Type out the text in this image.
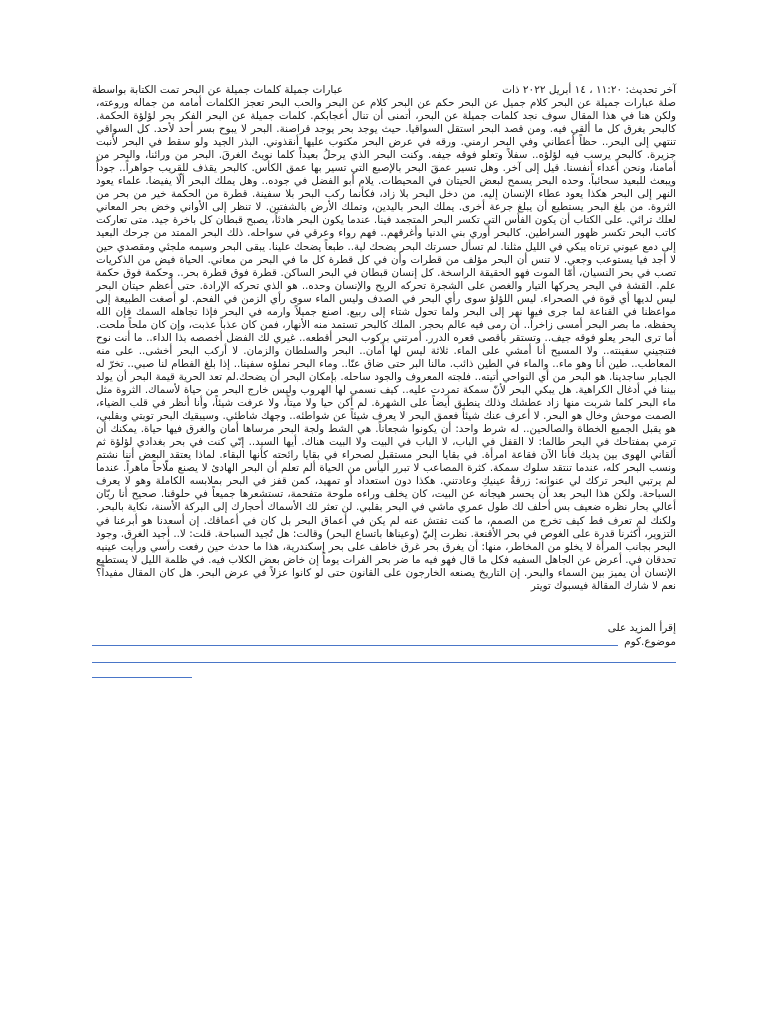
آخر تحديث: ١١:٢٠ ، ١٤ أبريل ٢٠٢٢ ذات
عبارات جميلة كلمات جميلة عن البحر تمت الكتابة بواسطة

صلة عبارات جميلة عن البحر كلام جميل عن البحر حكم عن البحر كلام عن البحر والحب البحر تعجز الكلمات أمامه من جماله وروعته، ولكن هنا في هذا المقال سوف نجد كلمات جميلة عن البحر، أتمنى أن تنال أعجابكم. كلمات جميلة عن البحر الفكر بحر لؤلؤة الحكمة. كالبحر يغرق كل ما ألقي فيه. ومن قصد البحر استقل السواقيا. حيث يوجد بحر يوجد قراصنة. البحر لا يبوح بسر أحد لأحد. كل السواقي تنتهي إلى البحر.. حظاً أعطاني وفي البحر ارمني. ورقه في عرض البحر مكتوب عليها أنقذوني. البذر الجيد ولو سقط في البحر لأنبت جزيرة. كالبحر يرسب فيه لؤلؤه.. سفلاً وتعلو فوقه جيفه. وكنت البحر الذي يرحلُ بعيداً كلما نويتُ الغرقَ. البحر من ورائنا، والبحر من أمامنا، ونحن أعداء أنفسنا. قيل إلى آخر. وهل تسير عمقَ البحر بالإصبع التي تسير بها عمق الكأس. كالبحر يقذف للقريب جواهراً.. جوداً ويبعث للبعيد سحائباً. وحده البحر يسمح لبعض الحيتان في المحيطات. يلام أبو الفضل في جوده.. وهل يملك البحر ألّا يفيضا. علماء يعود النهر إلى البحر هكذا يعود عطاء الإنسان إليه. من دخل البحر بلا زاد، فكأنما ركب البحر بلا سفينة. قطرة من الحكمة خير من بحر من الثروة. من بلغ البحر يستطيع أن يبلغ جرعة أخرى. يملك البحر باليدين، وتملك الأرض بالشفتين. لا تنظر إلى الأواني وخض بحر المعاني لعلك ترائي. على الكتاب أن يكون الفأس التي تكسر البحر المتجمد فينا. عندما يكون البحر هادئاً، يصبح قبطان كل باخرة جيد. متى تعاركت كاتب البحر تكسر ظهور السراطين. كالبحر أوري بني الدنيا وأغرقهم.. فهم رواء وعرقي في سواحله. ذلك البحر الممتد من جرحك البعيد إلى دمع عيوني ترتاه يبكي في الليل مثلنا. لم تسأل حسرتك البحر يضحك لية.. طبعاً يضحك علينا. يبقى البحر وسيمه ملجئي ومقصدي حين لا أجد فيا يستوعب وجعي. لا تنس أن البحر مؤلف من قطرات وأن في كل قطرة كل ما في البحر من معاني. الحياة فيض من الذكريات تصب في بحر النسيان، أمّا الموت فهو الحقيقة الراسخة. كل إنسان قبطان في البحر الساكن. قطرة فوق قطرة بحر.. وحكمة فوق حكمة علم. القشة في البحر يحركها التيار والغصن على الشجرة تحركه الريح والإنسان وحده.. هو الذي تحركه الإرادة. حتى أعظم حيتان البحر ليس لديها أي قوة في الصحراء. ليس اللؤلؤ سوى رأي البحر في الصدف وليس الماء سوى رأي الزمن في الفحم. لو أصغت الطبيعة إلى مواعظنا في القناعة لما جرى فيها نهر إلى البحر ولما تحول شتاء إلى ربيع. اصنع جميلاً وارمه في البحر فإذا تجاهله السمك فإن الله يحفظه. ما بصر البحر أمسى زاخراً.. أن رمى فيه عالم بحجر. الملك كالبحر تستمد منه الأنهار، فمن كان عذباً عذبت، وإن كان ملحاً ملحت. أما ترى البحر يعلو فوقه جيف.. وتستقر بأقصى قعره الدرر. أمرتني بركوب البحر أقطعه.. غيري لك الفضل أخصصه بذا الداء.. ما أنت نوح فتنجيني سفينته.. ولا المسيح أنا أمشي على الماء. ثلاثة ليس لها أمان.. البحر والسلطان والزمان. لا أركب البحر أخشى.. على منه المعاطب.. طين أنا وهو ماء.. والماء في الطين ذائب. مالنا البر حتى ضاق عنّا.. وماء البحر نملؤه سفينا.. إذا بلغ الفطام لنا صبي.. تخرّ له الجبابر ساجدينا. هو البحر من أي النواحي أتيته.. فلجته المعروف والجود ساحله. بإمكان البحر أن يضحك.لم تعد الحرية قيمة البحر أن يولد بيننا في أدغال الكراهية. هل يبكي البحر لأنّ سمكة تمردت عليه.. كيف نسمي لها الهروب وليس خارج البحر من حياة لأسماك. الثروة مثل ماء البحر كلما شربت منها زاد عطشك وذلك ينطبق أيضاً على الشهرة. لم أكن حيا ولا ميتاً، ولا عرفت شيئاً، وأنا أنظر في قلب الضياء، الصمت موحش وخال هو البحر. لا أعرف عنك شيئاً فعمق البحر لا يعرف شيئاً عن شواطئه.. وجهك شاطئي. وسيبقيك البحر توبتي وبقلبي، هو يقبل الجميع الخطاة والصالحين.. له شرط واحد: أن يكونوا شجعاناً. هي الشط ولجة البحر مرساها أمان والغرق فيها حياة. يمكنك أن ترمي بمفتاحك في البحر طالما: لا القفل في الباب، لا الباب في البيت ولا البيت هناك. أيها السيد.. إنّي كنت في بحر بغدادي لؤلؤة ثم ألقاني الهوى بين يديك فأنا الآن فقاعة امرأة. في بقايا البحر مستقبل لصحراء في بقايا رائحته كأنها البقاء. لماذا يعتقد البعض أننا نشتم ونسب البحر كله، عندما تنتقد سلوك سمكة. كثرة المصاعب لا تبرر اليأس من الحياة ألم تعلم أن البحر الهادئ لا يصنع ملّاحاً ماهراً. عندما لم يرتبي البحر تركك لي عنوانه: زرقةُ عينيكِ وعادتني. هكذا دون استعداد أو تمهيد، كمن قفز في البحر بملابسه الكاملة وهو لا يعرف السباحة. ولكن هذا البحر بعد أن يحسر هيجانه عن البيت، كان يخلف وراءه ملوحة متفحمة، تستشعرها جميعاً في حلوقنا. صحيح أنا ربّان أعالي بحار نظره ضعيف بس أحلف لك طول عمري ماشي في البحر بقلبي. لن تعثر لك الأسماك أحجارك إلى البركة الأسنة، نكاية بالبحر. ولكنك لم تعرف قط كيف تخرج من الصمم، ما كنت تفتش عنه لم يكن في أعماق البحر بل كان في أعماقك. إن أسعدنا هو أبرعنا في التزوير، أكثرنا قدرة على الغوص في بحر الأقنعة. نظرت إليّ (وعيناها باتساع البحر) وقالت: هل تُجيد السباحة. قلت: لا.. أجيد الغرق. وجود البحر بجانب المرأة لا يخلو من المخاطر، منها: أن يغرق بحر غرق خاطف على بحر إسكندرية، هذا ما حدث حين رفعت رأسي ورأيت عينيه تحدقان في. أعرض عن الجاهل السفيه فكل ما قال فهو فيه ما ضر بحر الفرات يوماً إن خاض بعض الكلاب فيه. في ظلمة الليل لا يستطيع الإنسان أن يميز بين السماء والبحر. إن التاريخ يصنعه الخارجون على القانون حتى لو كانوا عزلاً في عرض البحر. هل كان المقال مفيداً؟ نعم لا شارك المقالة فيسبوك تويتر

إقرأ المزيد على
موضوع.كوم
